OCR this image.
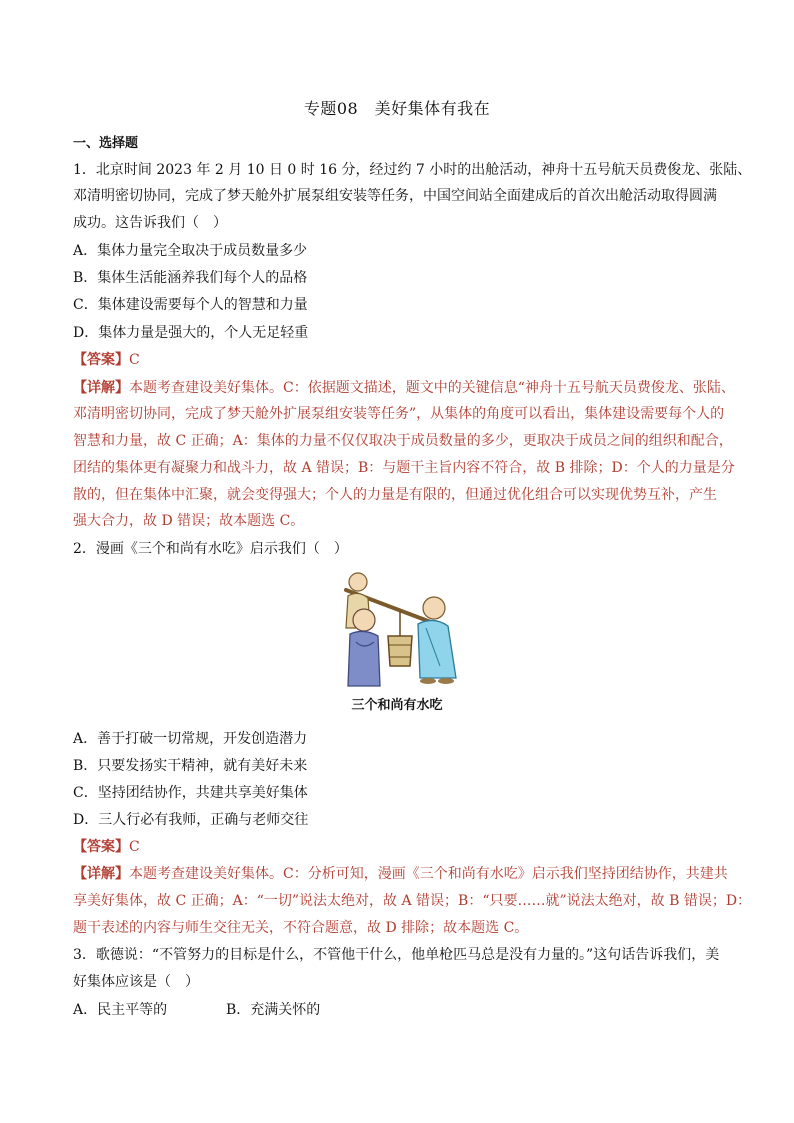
专题08　美好集体有我在
一、选择题
1．北京时间 2023 年 2 月 10 日 0 时 16 分，经过约 7 小时的出舱活动，神舟十五号航天员费俊龙、张陆、
邓清明密切协同，完成了梦天舱外扩展泵组安装等任务，中国空间站全面建成后的首次出舱活动取得圆满
成功。这告诉我们（　）
A．集体力量完全取决于成员数量多少
B．集体生活能涵养我们每个人的品格
C．集体建设需要每个人的智慧和力量
D．集体力量是强大的，个人无足轻重
【答案】C
【详解】本题考查建设美好集体。C：依据题文描述，题文中的关键信息“神舟十五号航天员费俊龙、张陆、
邓清明密切协同，完成了梦天舱外扩展泵组安装等任务”，从集体的角度可以看出，集体建设需要每个人的
智慧和力量，故 C 正确；A：集体的力量不仅仅取决于成员数量的多少，更取决于成员之间的组织和配合，
团结的集体更有凝聚力和战斗力，故 A 错误；B：与题干主旨内容不符合，故 B 排除；D：个人的力量是分
散的，但在集体中汇聚，就会变得强大；个人的力量是有限的，但通过优化组合可以实现优势互补，产生
强大合力，故 D 错误；故本题选 C。
2．漫画《三个和尚有水吃》启示我们（　）
三个和尚有水吃
A．善于打破一切常规，开发创造潜力
B．只要发扬实干精神，就有美好未来
C．坚持团结协作，共建共享美好集体
D．三人行必有我师，正确与老师交往
【答案】C
【详解】本题考查建设美好集体。C：分析可知，漫画《三个和尚有水吃》启示我们坚持团结协作，共建共
享美好集体，故 C 正确；A：“一切”说法太绝对，故 A 错误；B：“只要……就”说法太绝对，故 B 错误；D：
题干表述的内容与师生交往无关，不符合题意，故 D 排除；故本题选 C。
3．歌德说：“不管努力的目标是什么，不管他干什么，他单枪匹马总是没有力量的。”这句话告诉我们，美
好集体应该是（　）
A．民主平等的	B．充满关怀的
